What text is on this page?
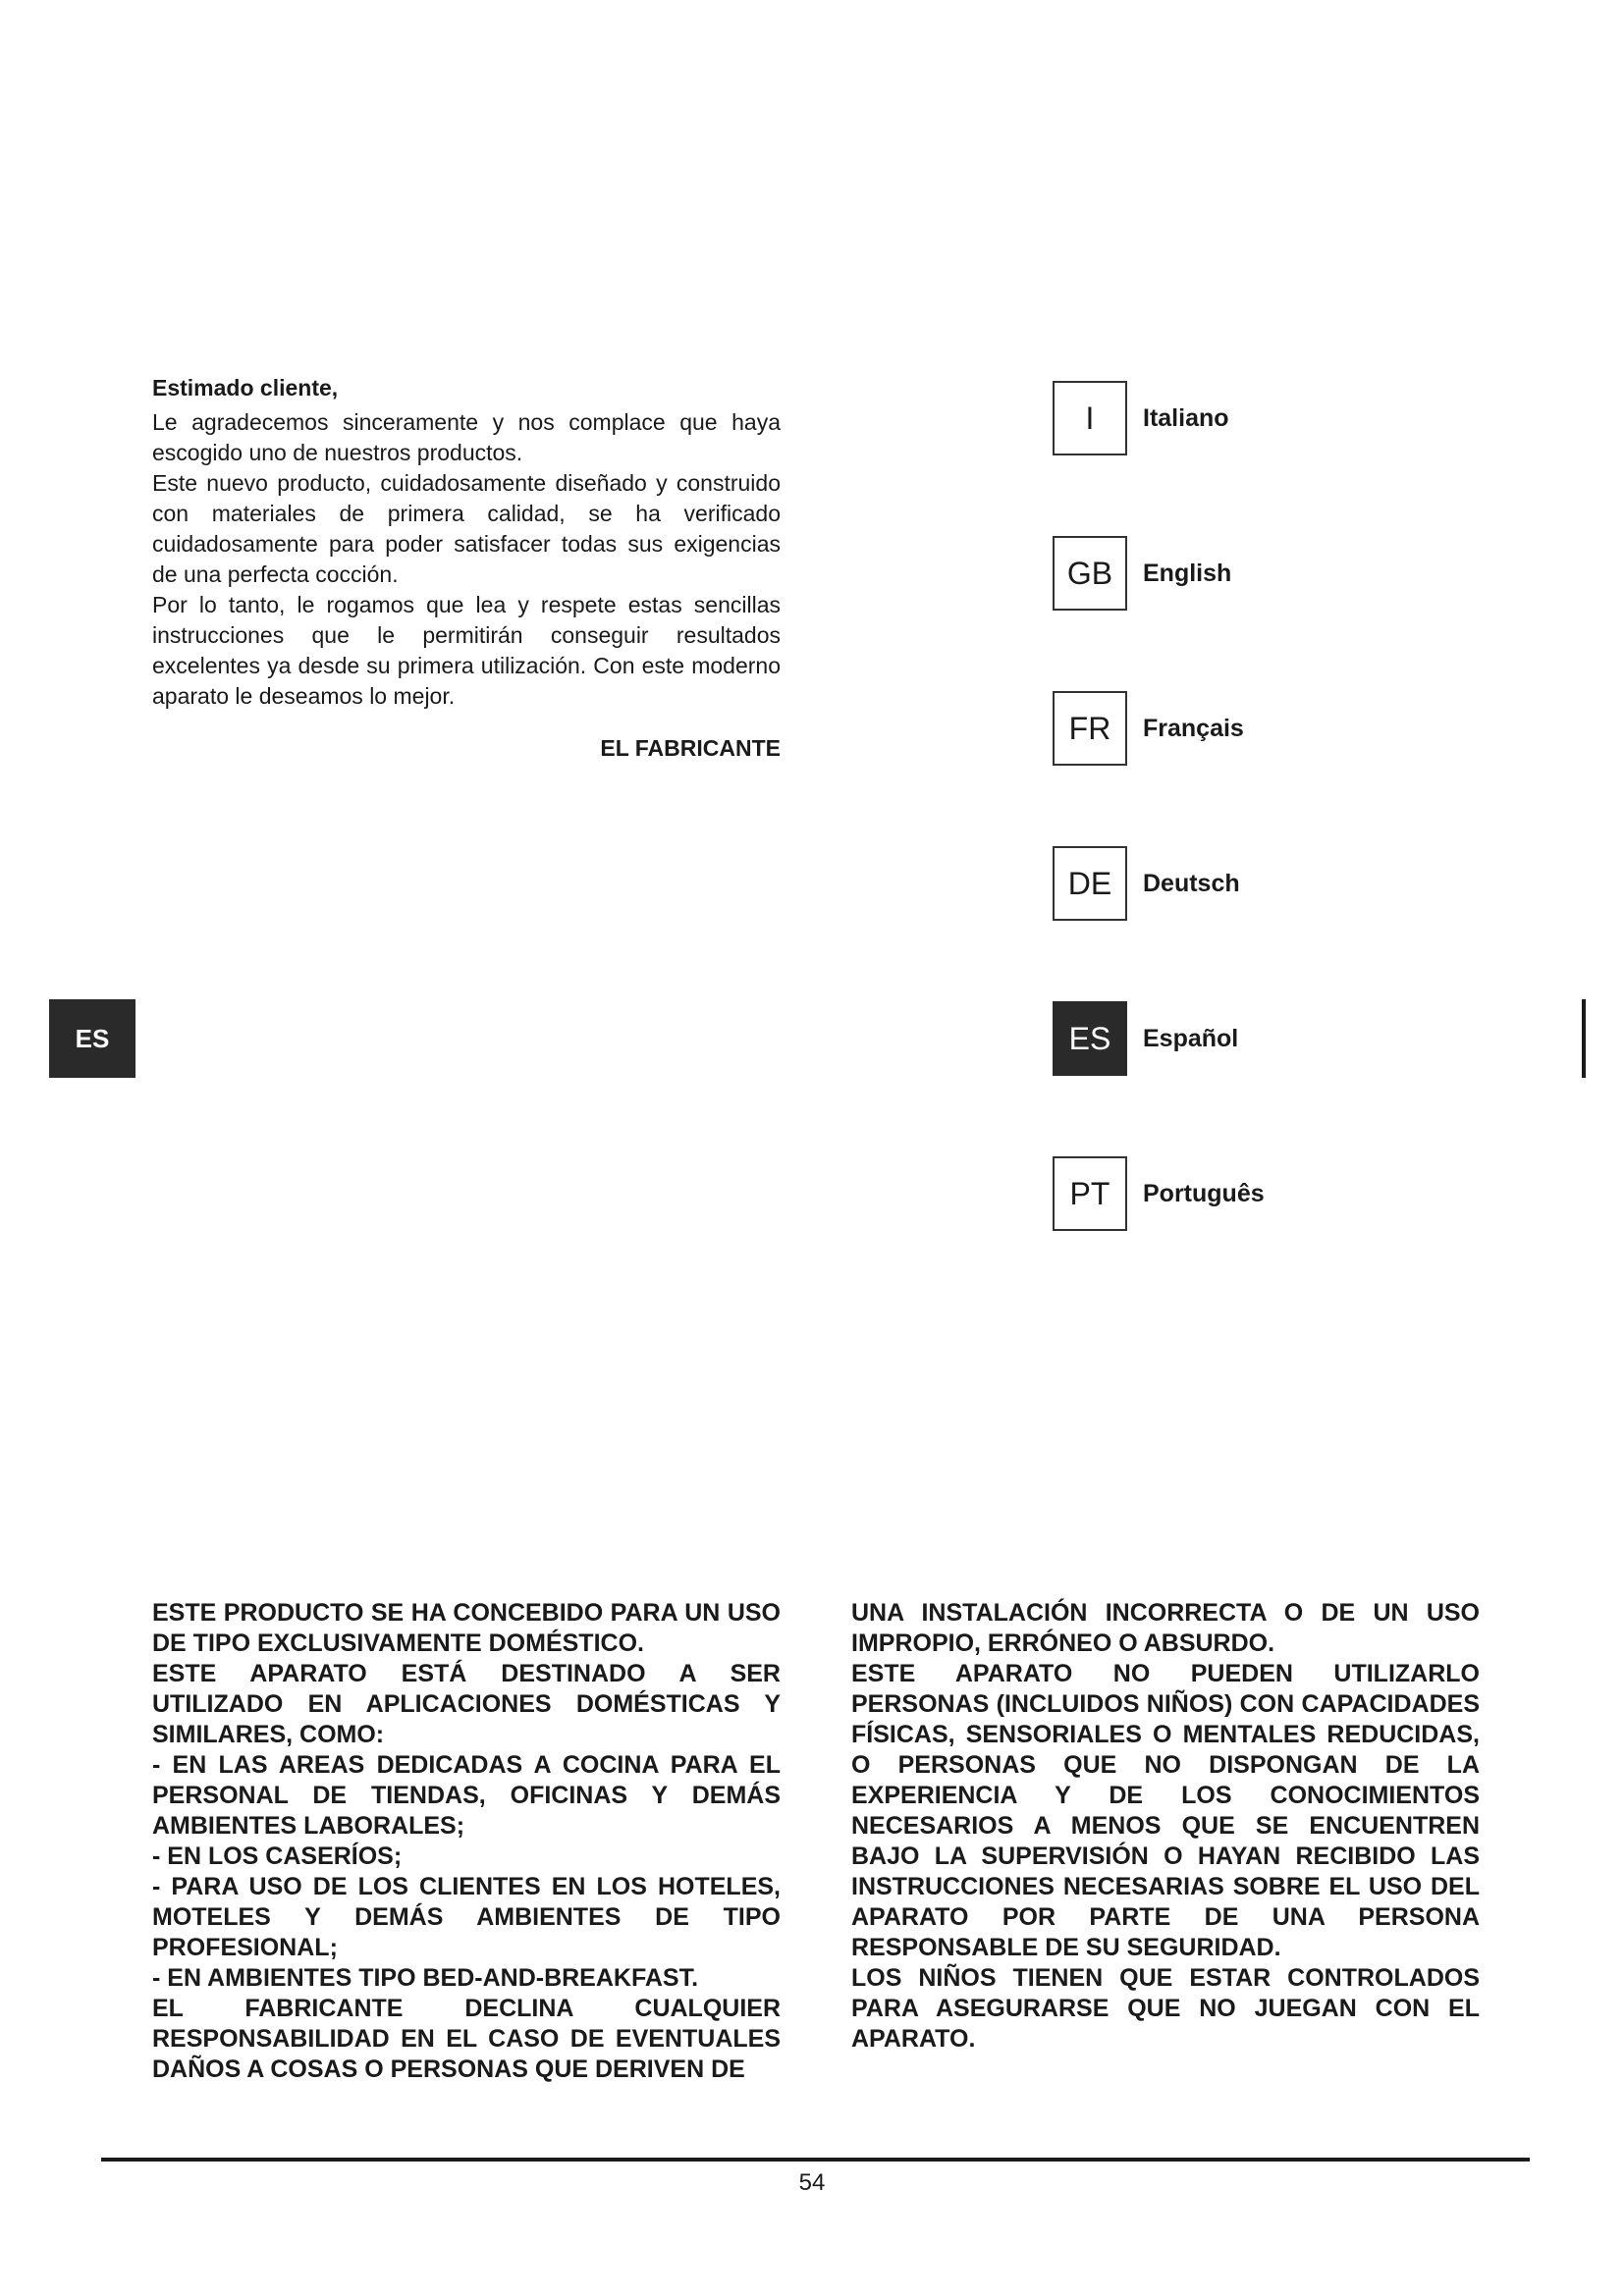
Estimado cliente,

Le agradecemos sinceramente y nos complace que haya escogido uno de nuestros productos.

Este nuevo producto, cuidadosamente diseñado y construido con materiales de primera calidad, se ha verificado cuidadosamente para poder satisfacer todas sus exigencias de una perfecta cocción.

Por lo tanto, le rogamos que lea y respete estas sencillas instrucciones que le permitirán conseguir resultados excelentes ya desde su primera utilización. Con este moderno aparato le deseamos lo mejor.

EL FABRICANTE

I	Italiano
GB	English
FR	Français
DE	Deutsch
ES	Español
PT	Português
ES

ESTE PRODUCTO SE HA CONCEBIDO PARA UN USO DE TIPO EXCLUSIVAMENTE DOMÉSTICO.

ESTE APARATO ESTÁ DESTINADO A SER UTILIZADO EN APLICACIONES DOMÉSTICAS Y SIMILARES, COMO:

- EN LAS AREAS DEDICADAS A COCINA PARA EL PERSONAL DE TIENDAS, OFICINAS Y DEMÁS AMBIENTES LABORALES;

- EN LOS CASERÍOS;

- PARA USO DE LOS CLIENTES EN LOS HOTELES, MOTELES Y DEMÁS AMBIENTES DE TIPO PROFESIONAL;

- EN AMBIENTES TIPO BED-AND-BREAKFAST.

EL FABRICANTE DECLINA CUALQUIER RESPONSABILIDAD EN EL CASO DE EVENTUALES DAÑOS A COSAS O PERSONAS QUE DERIVEN DE

UNA INSTALACIÓN INCORRECTA O DE UN USO IMPROPIO, ERRÓNEO O ABSURDO.

ESTE APARATO NO PUEDEN UTILIZARLO PERSONAS (INCLUIDOS NIÑOS) CON CAPACIDADES FÍSICAS, SENSORIALES O MENTALES REDUCIDAS, O PERSONAS QUE NO DISPONGAN DE LA EXPERIENCIA Y DE LOS CONOCIMIENTOS NECESARIOS A MENOS QUE SE ENCUENTREN BAJO LA SUPERVISIÓN O HAYAN RECIBIDO LAS INSTRUCCIONES NECESARIAS SOBRE EL USO DEL APARATO POR PARTE DE UNA PERSONA RESPONSABLE DE SU SEGURIDAD.

LOS NIÑOS TIENEN QUE ESTAR CONTROLADOS PARA ASEGURARSE QUE NO JUEGAN CON EL APARATO.

54
